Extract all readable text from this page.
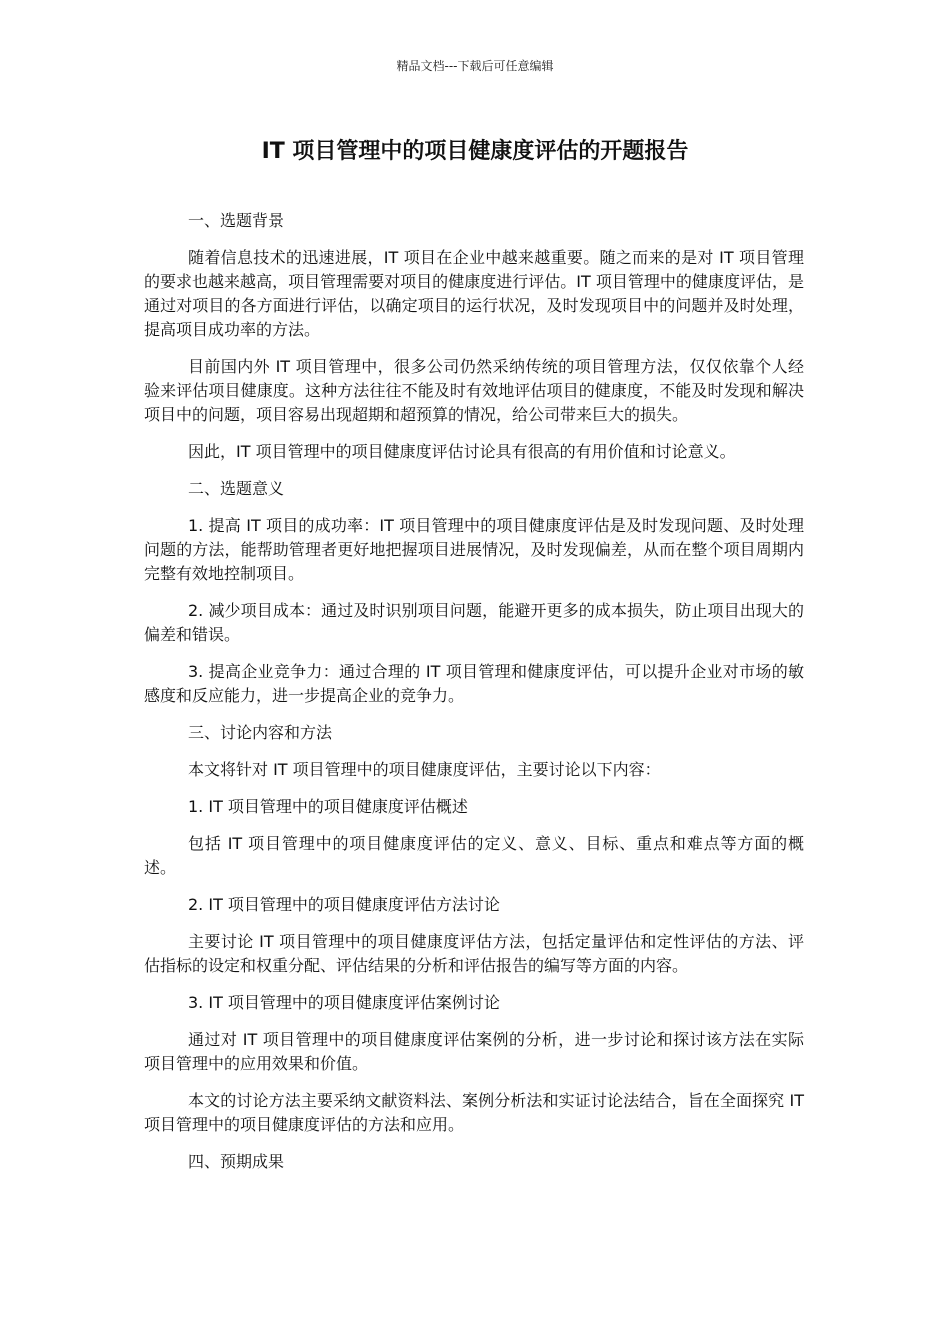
精品文档---下载后可任意编辑
IT 项目管理中的项目健康度评估的开题报告

一、选题背景

随着信息技术的迅速进展，IT 项目在企业中越来越重要。随之而来的是对 IT 项目管理的要求也越来越高，项目管理需要对项目的健康度进行评估。IT 项目管理中的健康度评估，是通过对项目的各方面进行评估，以确定项目的运行状况，及时发现项目中的问题并及时处理，提高项目成功率的方法。

目前国内外 IT 项目管理中，很多公司仍然采纳传统的项目管理方法，仅仅依靠个人经验来评估项目健康度。这种方法往往不能及时有效地评估项目的健康度，不能及时发现和解决项目中的问题，项目容易出现超期和超预算的情况，给公司带来巨大的损失。

因此，IT 项目管理中的项目健康度评估讨论具有很高的有用价值和讨论意义。

二、选题意义

1. 提高 IT 项目的成功率：IT 项目管理中的项目健康度评估是及时发现问题、及时处理问题的方法，能帮助管理者更好地把握项目进展情况，及时发现偏差，从而在整个项目周期内完整有效地控制项目。

2. 减少项目成本：通过及时识别项目问题，能避开更多的成本损失，防止项目出现大的偏差和错误。

3. 提高企业竞争力：通过合理的 IT 项目管理和健康度评估，可以提升企业对市场的敏感度和反应能力，进一步提高企业的竞争力。

三、讨论内容和方法

本文将针对 IT 项目管理中的项目健康度评估，主要讨论以下内容：

1. IT 项目管理中的项目健康度评估概述

包括 IT 项目管理中的项目健康度评估的定义、意义、目标、重点和难点等方面的概述。

2. IT 项目管理中的项目健康度评估方法讨论

主要讨论 IT 项目管理中的项目健康度评估方法，包括定量评估和定性评估的方法、评估指标的设定和权重分配、评估结果的分析和评估报告的编写等方面的内容。

3. IT 项目管理中的项目健康度评估案例讨论

通过对 IT 项目管理中的项目健康度评估案例的分析，进一步讨论和探讨该方法在实际项目管理中的应用效果和价值。

本文的讨论方法主要采纳文献资料法、案例分析法和实证讨论法结合，旨在全面探究 IT 项目管理中的项目健康度评估的方法和应用。

四、预期成果
